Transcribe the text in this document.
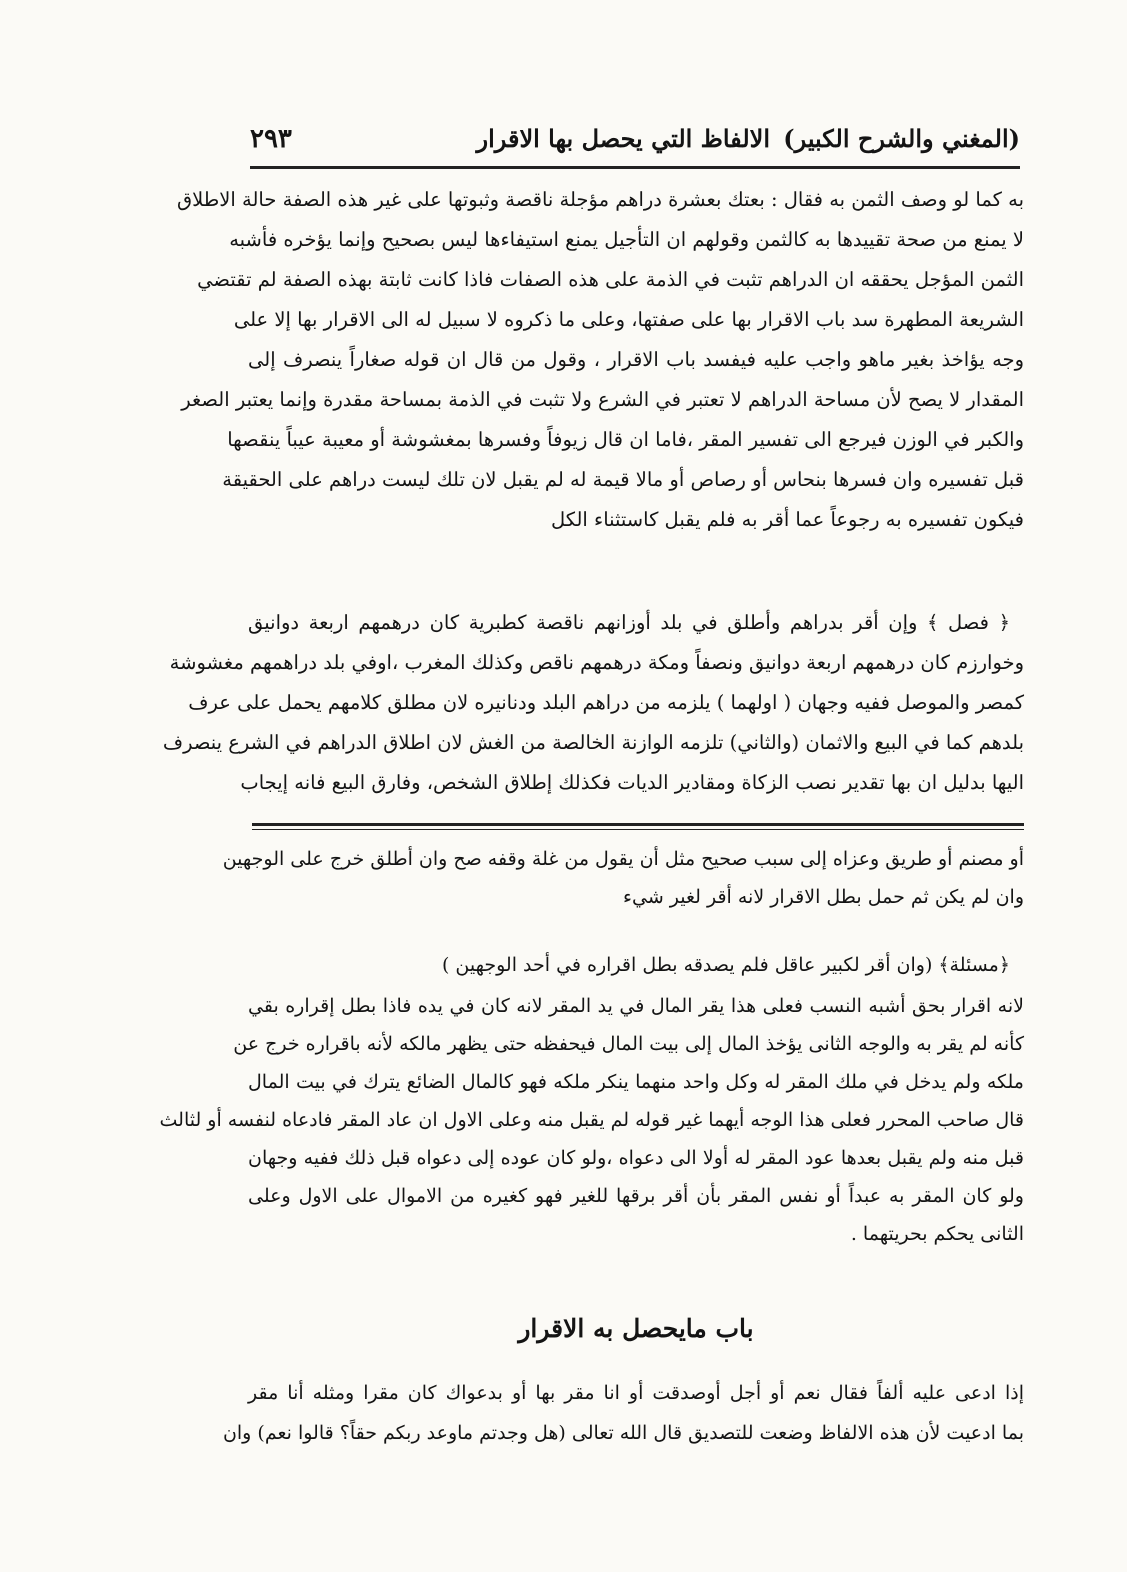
(المغني والشرح الكبير)
الالفاظ التي يحصل بها الاقرار
٢٩٣
به كما لو وصف الثمن به فقال : بعتك بعشرة دراهم مؤجلة ناقصة وثبوتها على غير هذه الصفة حالة الاطلاق
لا يمنع من صحة تقييدها به كالثمن وقولهم ان التأجيل يمنع استيفاءها ليس بصحيح وإنما يؤخره فأشبه
الثمن المؤجل يحققه ان الدراهم تثبت في الذمة على هذه الصفات فاذا كانت ثابتة بهذه الصفة لم تقتضي
الشريعة المطهرة سد باب الاقرار بها على صفتها، وعلى ما ذكروه لا سبيل له الى الاقرار بها إلا على
وجه يؤاخذ بغير ماهو واجب عليه فيفسد باب الاقرار ، وقول من قال ان قوله صغاراً ينصرف إلى
المقدار لا يصح لأن مساحة الدراهم لا تعتبر في الشرع ولا تثبت في الذمة بمساحة مقدرة وإنما يعتبر الصغر
والكبر في الوزن فيرجع الى تفسير المقر ،فاما ان قال زيوفاً وفسرها بمغشوشة أو معيبة عيباً ينقصها
قبل تفسيره وان فسرها بنحاس أو رصاص أو مالا قيمة له لم يقبل لان تلك ليست دراهم على الحقيقة
فيكون تفسيره به رجوعاً عما أقر به فلم يقبل كاستثناء الكل
﴿ فصل ﴾ وإن أقر بدراهم وأطلق في بلد أوزانهم ناقصة كطبرية كان درهمهم اربعة دوانيق
وخوارزم كان درهمهم اربعة دوانيق ونصفاً ومكة درهمهم ناقص وكذلك المغرب ،اوفي بلد دراهمهم مغشوشة
كمصر والموصل ففيه وجهان ( اولهما ) يلزمه من دراهم البلد ودنانيره لان مطلق كلامهم يحمل على عرف
بلدهم كما في البيع والاثمان (والثاني) تلزمه الوازنة الخالصة من الغش لان اطلاق الدراهم في الشرع ينصرف
اليها بدليل ان بها تقدير نصب الزكاة ومقادير الديات فكذلك إطلاق الشخص، وفارق البيع فانه إيجاب
أو مصنم أو طريق وعزاه إلى سبب صحيح مثل أن يقول من غلة وقفه صح وان أطلق خرج على الوجهين
وان لم يكن ثم حمل بطل الاقرار لانه أقر لغير شيء
﴿مسئلة﴾ (وان أقر لكبير عاقل فلم يصدقه بطل اقراره في أحد الوجهين )
لانه اقرار بحق أشبه النسب فعلى هذا يقر المال في يد المقر لانه كان في يده فاذا بطل إقراره بقي
كأنه لم يقر به والوجه الثانى يؤخذ المال إلى بيت المال فيحفظه حتى يظهر مالكه لأنه باقراره خرج عن
ملكه ولم يدخل في ملك المقر له وكل واحد منهما ينكر ملكه فهو كالمال الضائع يترك في بيت المال
قال صاحب المحرر فعلى هذا الوجه أيهما غير قوله لم يقبل منه وعلى الاول ان عاد المقر فادعاه لنفسه أو لثالث
قبل منه ولم يقبل بعدها عود المقر له أولا الى دعواه ،ولو كان عوده إلى دعواه قبل ذلك ففيه وجهان
ولو كان المقر به عبداً أو نفس المقر بأن أقر برقها للغير فهو كغيره من الاموال على الاول وعلى
الثانى يحكم بحريتهما .
باب مايحصل به الاقرار
إذا ادعى عليه ألفاً فقال نعم أو أجل أوصدقت أو انا مقر بها أو بدعواك كان مقرا ومثله أنا مقر
بما ادعيت لأن هذه الالفاظ وضعت للتصديق قال الله تعالى (هل وجدتم ماوعد ربكم حقاً؟ قالوا نعم) وان
